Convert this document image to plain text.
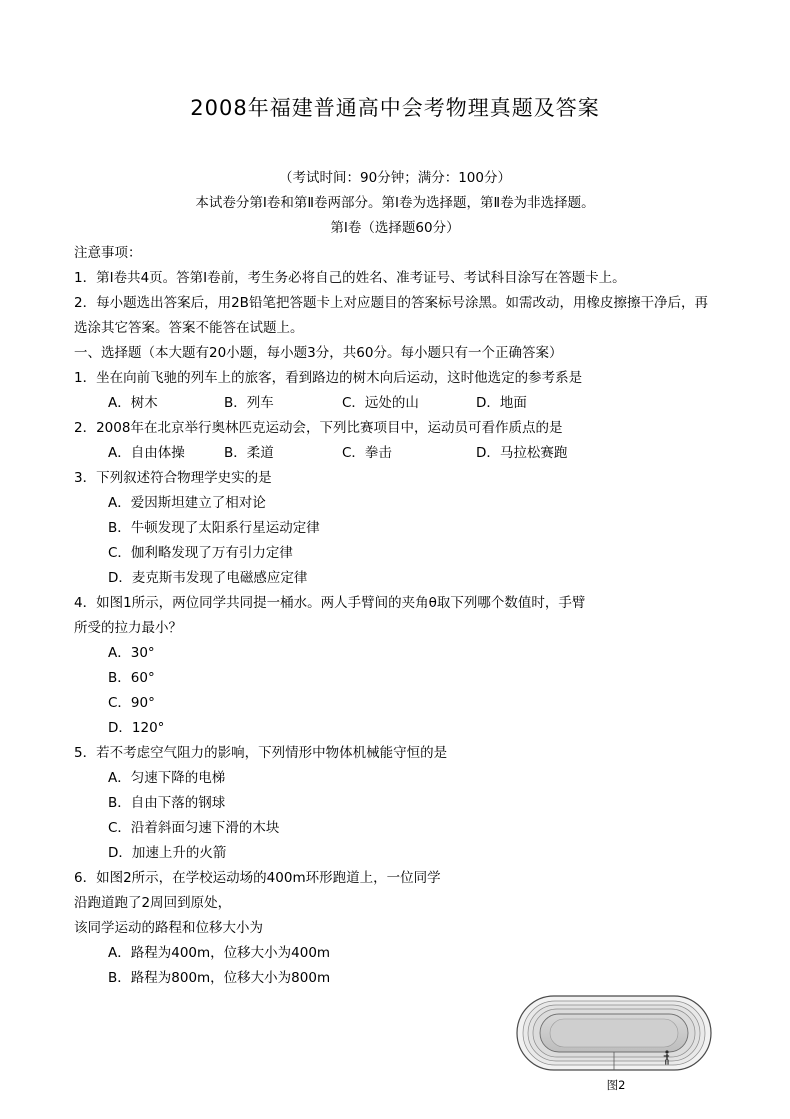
2008年福建普通高中会考物理真题及答案
（考试时间：90分钟；满分：100分）
本试卷分第Ⅰ卷和第Ⅱ卷两部分。第Ⅰ卷为选择题，第Ⅱ卷为非选择题。
第Ⅰ卷（选择题60分）

注意事项：

1．第Ⅰ卷共4页。答第Ⅰ卷前，考生务必将自己的姓名、准考证号、考试科目涂写在答题卡上。

2．每小题选出答案后，用2B铅笔把答题卡上对应题目的答案标号涂黑。如需改动，用橡皮擦擦干净后，再选涂其它答案。答案不能答在试题上。

一、选择题（本大题有20小题，每小题3分，共60分。每小题只有一个正确答案）

1．坐在向前飞驰的列车上的旅客，看到路边的树木向后运动，这时他选定的参考系是

A．树木	B．列车	C．远处的山	D．地面

2．2008年在北京举行奥林匹克运动会，下列比赛项目中，运动员可看作质点的是

A．自由体操	B．柔道	C．拳击	D．马拉松赛跑

3．下列叙述符合物理学史实的是

A．爱因斯坦建立了相对论

B．牛顿发现了太阳系行星运动定律

C．伽利略发现了万有引力定律

D．麦克斯韦发现了电磁感应定律

4．如图1所示，两位同学共同提一桶水。两人手臂间的夹角θ取下列哪个数值时，手臂

所受的拉力最小？

A．30°

B．60°

C．90°

D．120°

5．若不考虑空气阻力的影响，下列情形中物体机械能守恒的是

A．匀速下降的电梯

B．自由下落的钢球

C．沿着斜面匀速下滑的木块

D．加速上升的火箭

6．如图2所示，在学校运动场的400m环形跑道上，一位同学沿跑道跑了2周回到原处，

该同学运动的路程和位移大小为

A．路程为400m，位移大小为400m

B．路程为800m，位移大小为800m

图2
